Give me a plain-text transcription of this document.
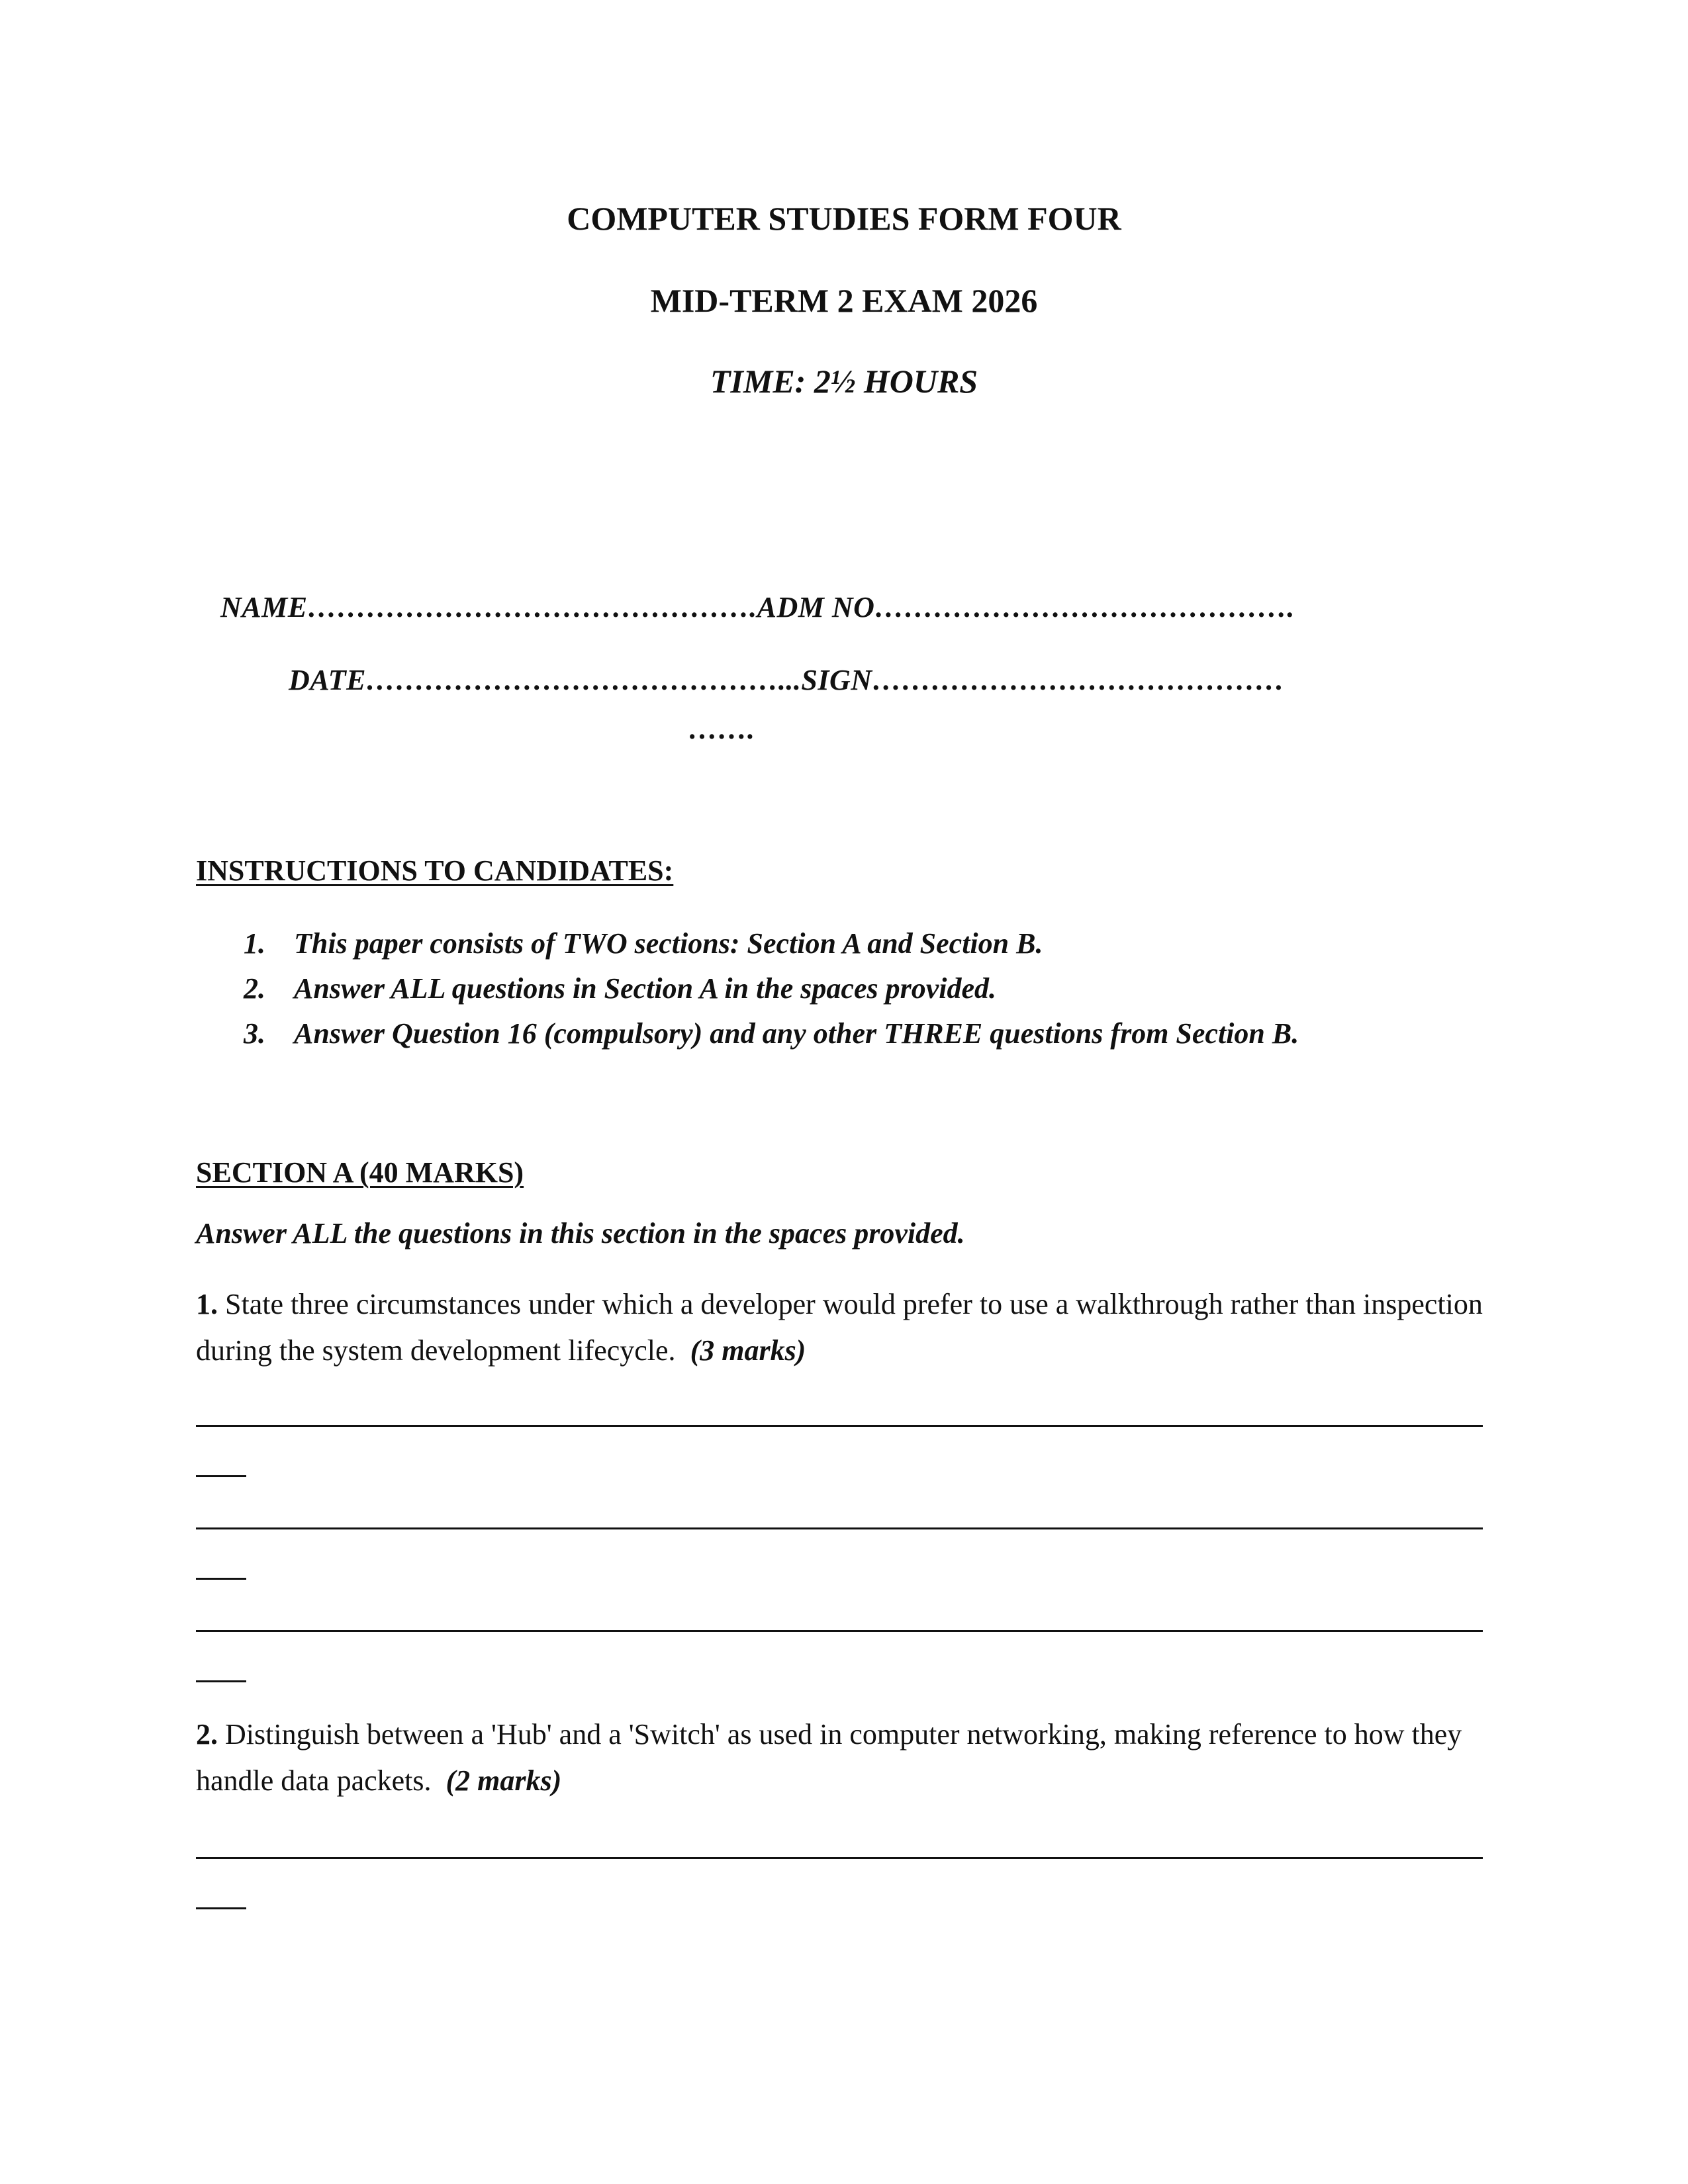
COMPUTER STUDIES FORM FOUR
MID-TERM 2 EXAM 2026
TIME: 2½ HOURS
NAME……………………………………….ADM NO…………………………………….
DATE……………………………………...SIGN……………………………………
…….
INSTRUCTIONS TO CANDIDATES:
1. This paper consists of TWO sections: Section A and Section B.
2. Answer ALL questions in Section A in the spaces provided.
3. Answer Question 16 (compulsory) and any other THREE questions from Section B.
SECTION A (40 MARKS)
Answer ALL the questions in this section in the spaces provided.
1. State three circumstances under which a developer would prefer to use a walkthrough rather than inspection during the system development lifecycle. (3 marks)
2. Distinguish between a 'Hub' and a 'Switch' as used in computer networking, making reference to how they handle data packets. (2 marks)
